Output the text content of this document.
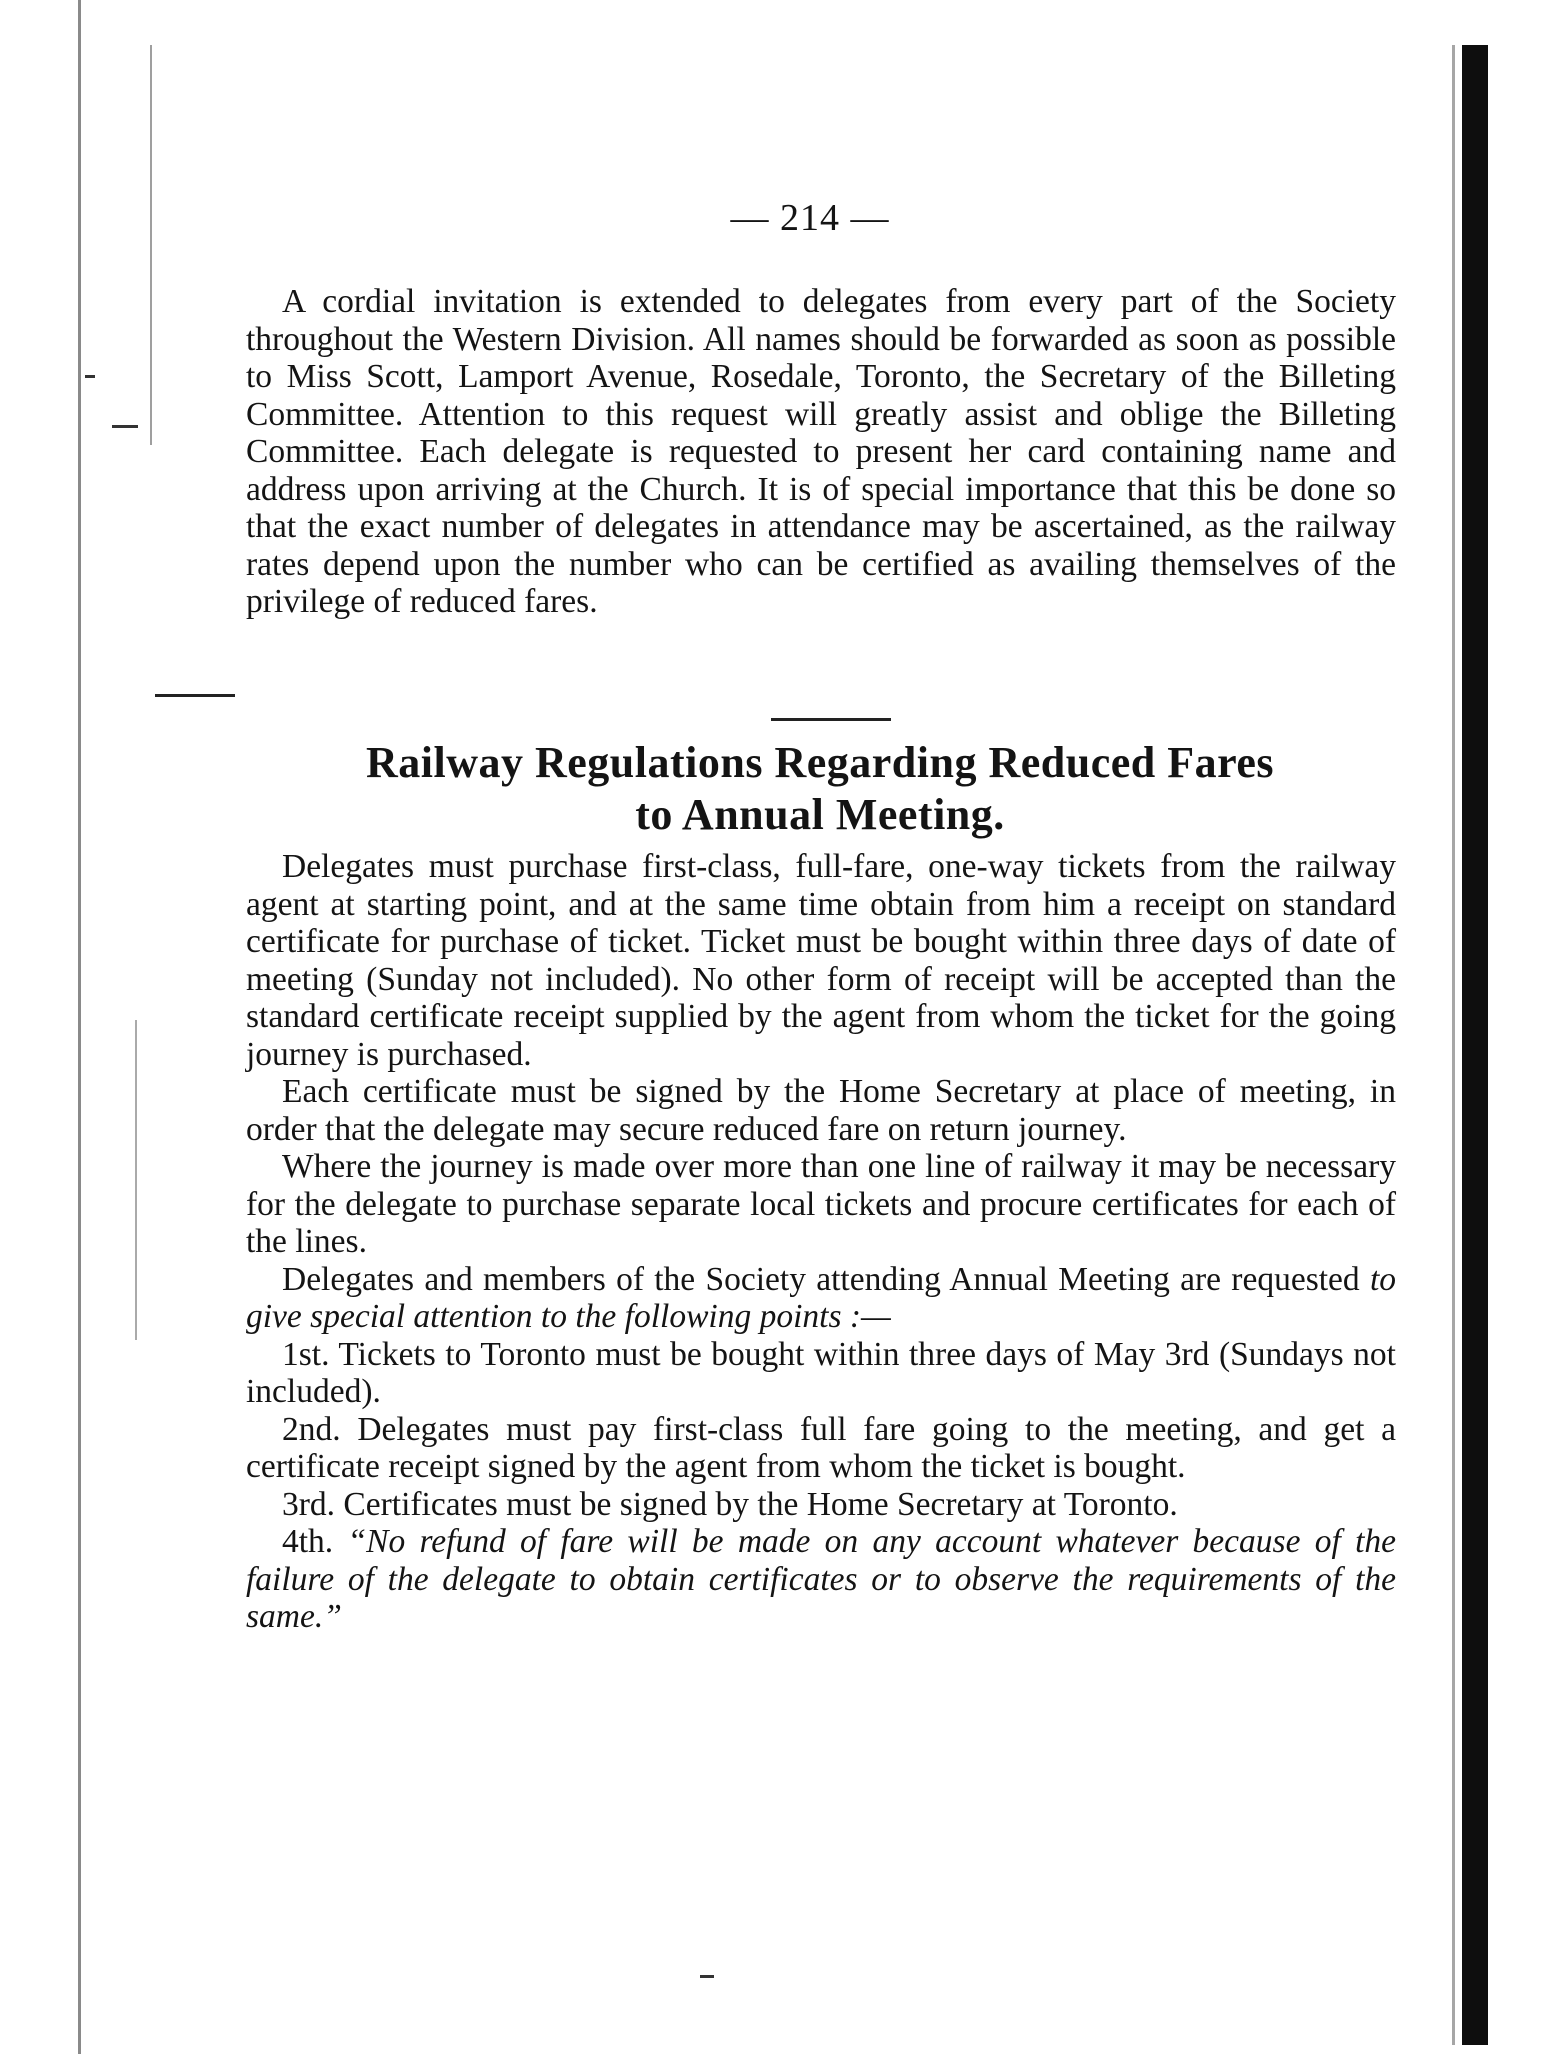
— 214 —

A cordial invitation is extended to delegates from every part of the Society throughout the Western Division. All names should be forwarded as soon as possible to Miss Scott, Lamport Avenue, Rosedale, Toronto, the Secretary of the Billeting Committee. Attention to this request will greatly assist and oblige the Billeting Committee. Each delegate is requested to present her card containing name and address upon arriving at the Church. It is of special importance that this be done so that the exact number of delegates in attendance may be ascertained, as the railway rates depend upon the number who can be certified as availing themselves of the privilege of reduced fares.

Railway Regulations Regarding Reduced Fares
to Annual Meeting.

Delegates must purchase first-class, full-fare, one-way tickets from the railway agent at starting point, and at the same time obtain from him a receipt on standard certificate for purchase of ticket. Ticket must be bought within three days of date of meeting (Sunday not included). No other form of receipt will be accepted than the standard certificate receipt supplied by the agent from whom the ticket for the going journey is purchased.

Each certificate must be signed by the Home Secretary at place of meeting, in order that the delegate may secure reduced fare on return journey.

Where the journey is made over more than one line of railway it may be necessary for the delegate to purchase separate local tickets and procure certificates for each of the lines.

Delegates and members of the Society attending Annual Meeting are requested to give special attention to the following points :—

1st. Tickets to Toronto must be bought within three days of May 3rd (Sundays not included).

2nd. Delegates must pay first-class full fare going to the meeting, and get a certificate receipt signed by the agent from whom the ticket is bought.

3rd. Certificates must be signed by the Home Secretary at Toronto.

4th. “No refund of fare will be made on any account whatever because of the failure of the delegate to obtain certificates or to observe the requirements of the same.”
